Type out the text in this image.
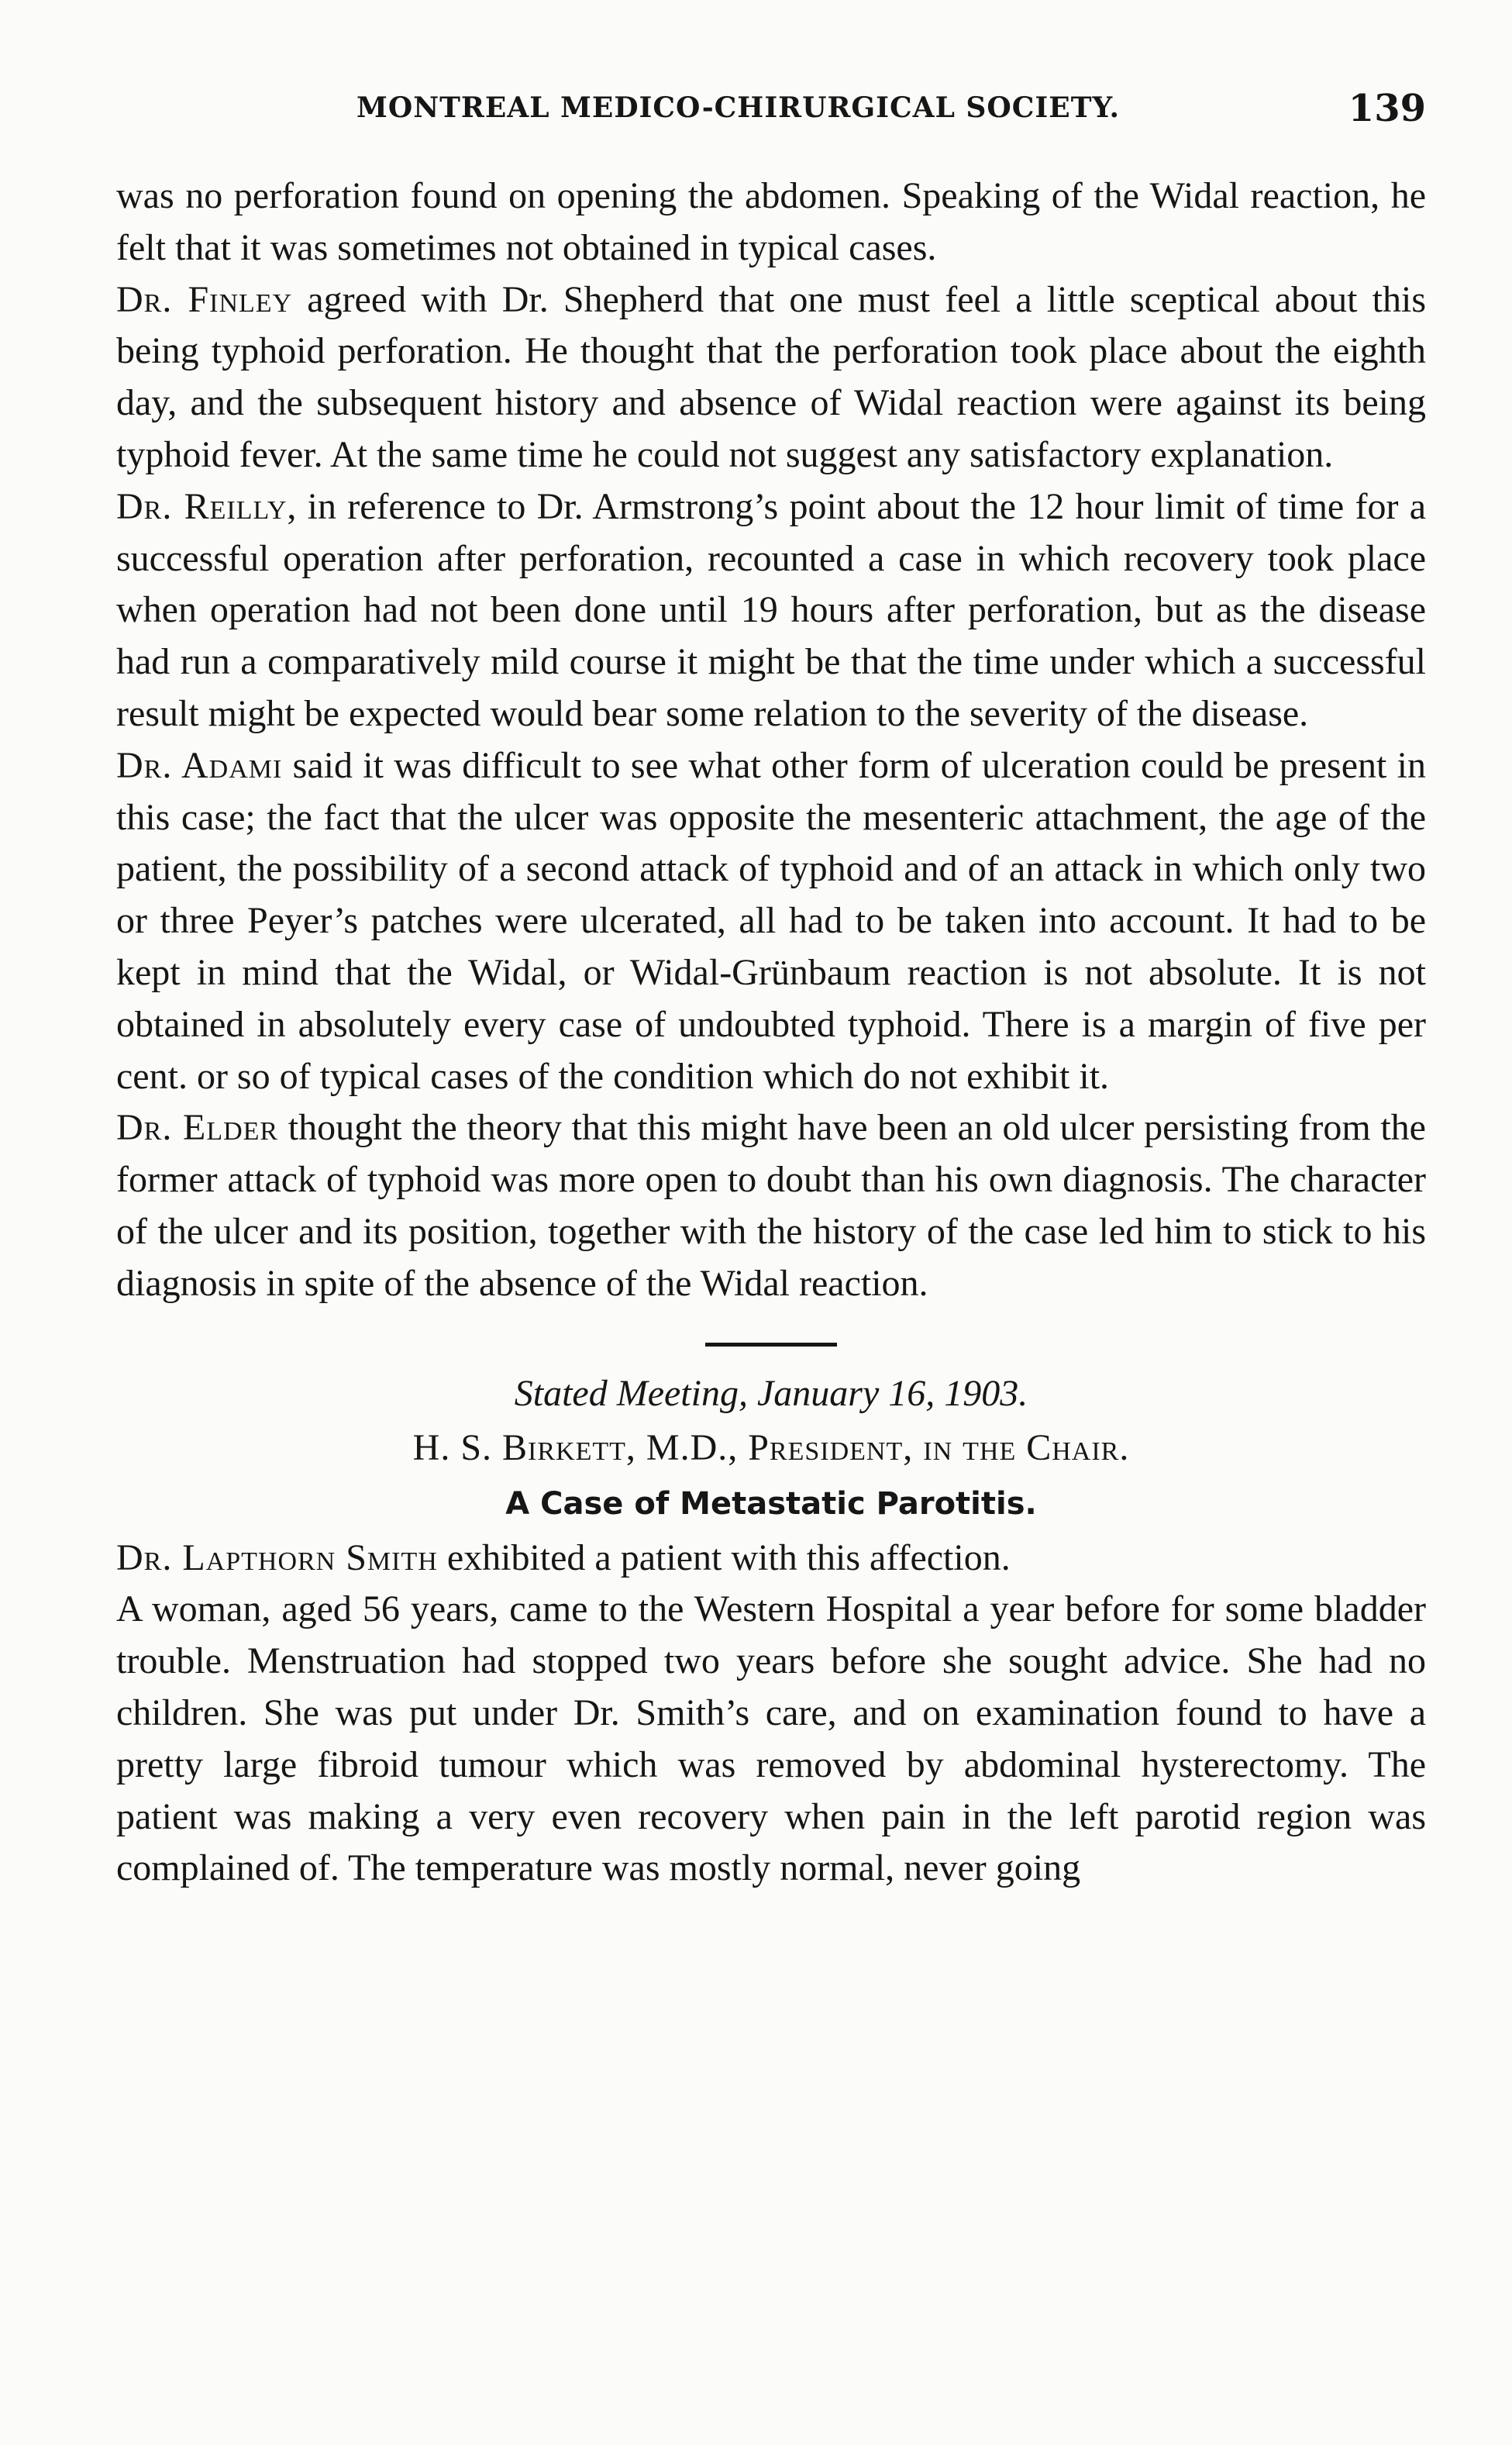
MONTREAL MEDICO-CHIRURGICAL SOCIETY.	139

was no perforation found on opening the abdomen. Speaking of the Widal reaction, he felt that it was sometimes not obtained in typical cases.

Dr. Finley agreed with Dr. Shepherd that one must feel a little sceptical about this being typhoid perforation. He thought that the perforation took place about the eighth day, and the subsequent history and absence of Widal reaction were against its being typhoid fever. At the same time he could not suggest any satisfactory explanation.

Dr. Reilly, in reference to Dr. Armstrong’s point about the 12 hour limit of time for a successful operation after perforation, recounted a case in which recovery took place when operation had not been done until 19 hours after perforation, but as the disease had run a comparatively mild course it might be that the time under which a successful result might be expected would bear some relation to the severity of the disease.

Dr. Adami said it was difficult to see what other form of ulceration could be present in this case; the fact that the ulcer was opposite the mesenteric attachment, the age of the patient, the possibility of a second attack of typhoid and of an attack in which only two or three Peyer’s patches were ulcerated, all had to be taken into account. It had to be kept in mind that the Widal, or Widal-Grünbaum reaction is not absolute. It is not obtained in absolutely every case of undoubted typhoid. There is a margin of five per cent. or so of typical cases of the condition which do not exhibit it.

Dr. Elder thought the theory that this might have been an old ulcer persisting from the former attack of typhoid was more open to doubt than his own diagnosis. The character of the ulcer and its position, together with the history of the case led him to stick to his diagnosis in spite of the absence of the Widal reaction.

Stated Meeting, January 16, 1903.

H. S. Birkett, M.D., President, in the Chair.

A Case of Metastatic Parotitis.

Dr. Lapthorn Smith exhibited a patient with this affection.

A woman, aged 56 years, came to the Western Hospital a year before for some bladder trouble. Menstruation had stopped two years before she sought advice. She had no children. She was put under Dr. Smith’s care, and on examination found to have a pretty large fibroid tumour which was removed by abdominal hysterectomy. The patient was making a very even recovery when pain in the left parotid region was complained of. The temperature was mostly normal, never going
